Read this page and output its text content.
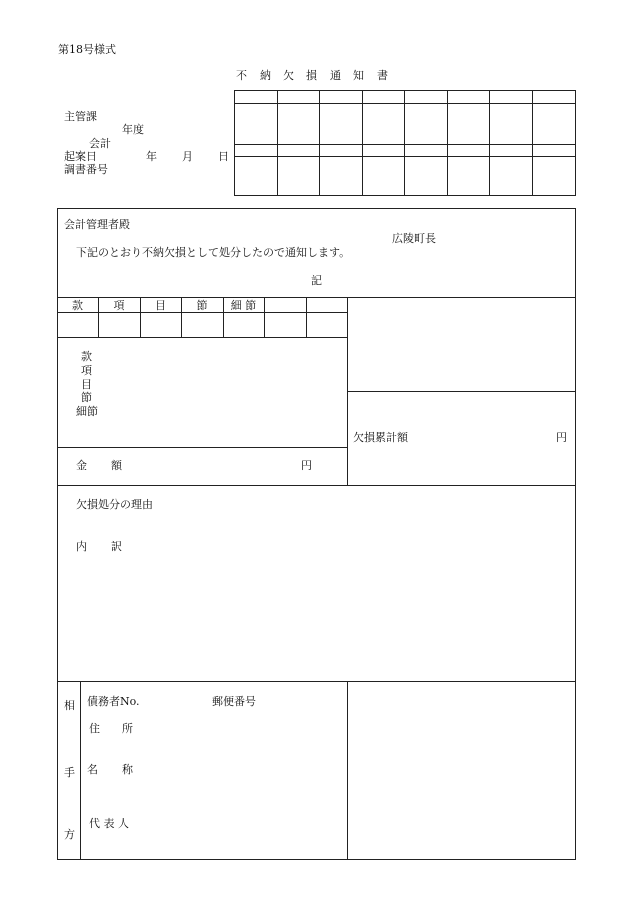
第18号様式
不 納 欠 損 通 知 書
主管課
年度
会計
起案日	年 月 日
調書番号
会計管理者殿
広陵町長
下記のとおり不納欠損として処分したので通知します。
記
款	項	目	節	細 節
款
項
目
節
細節
金 額	円
欠損累計額	円
欠損処分の理由
内 訳
相
手
方
債務者No.	郵便番号
住 所
名 称
代 表 人
